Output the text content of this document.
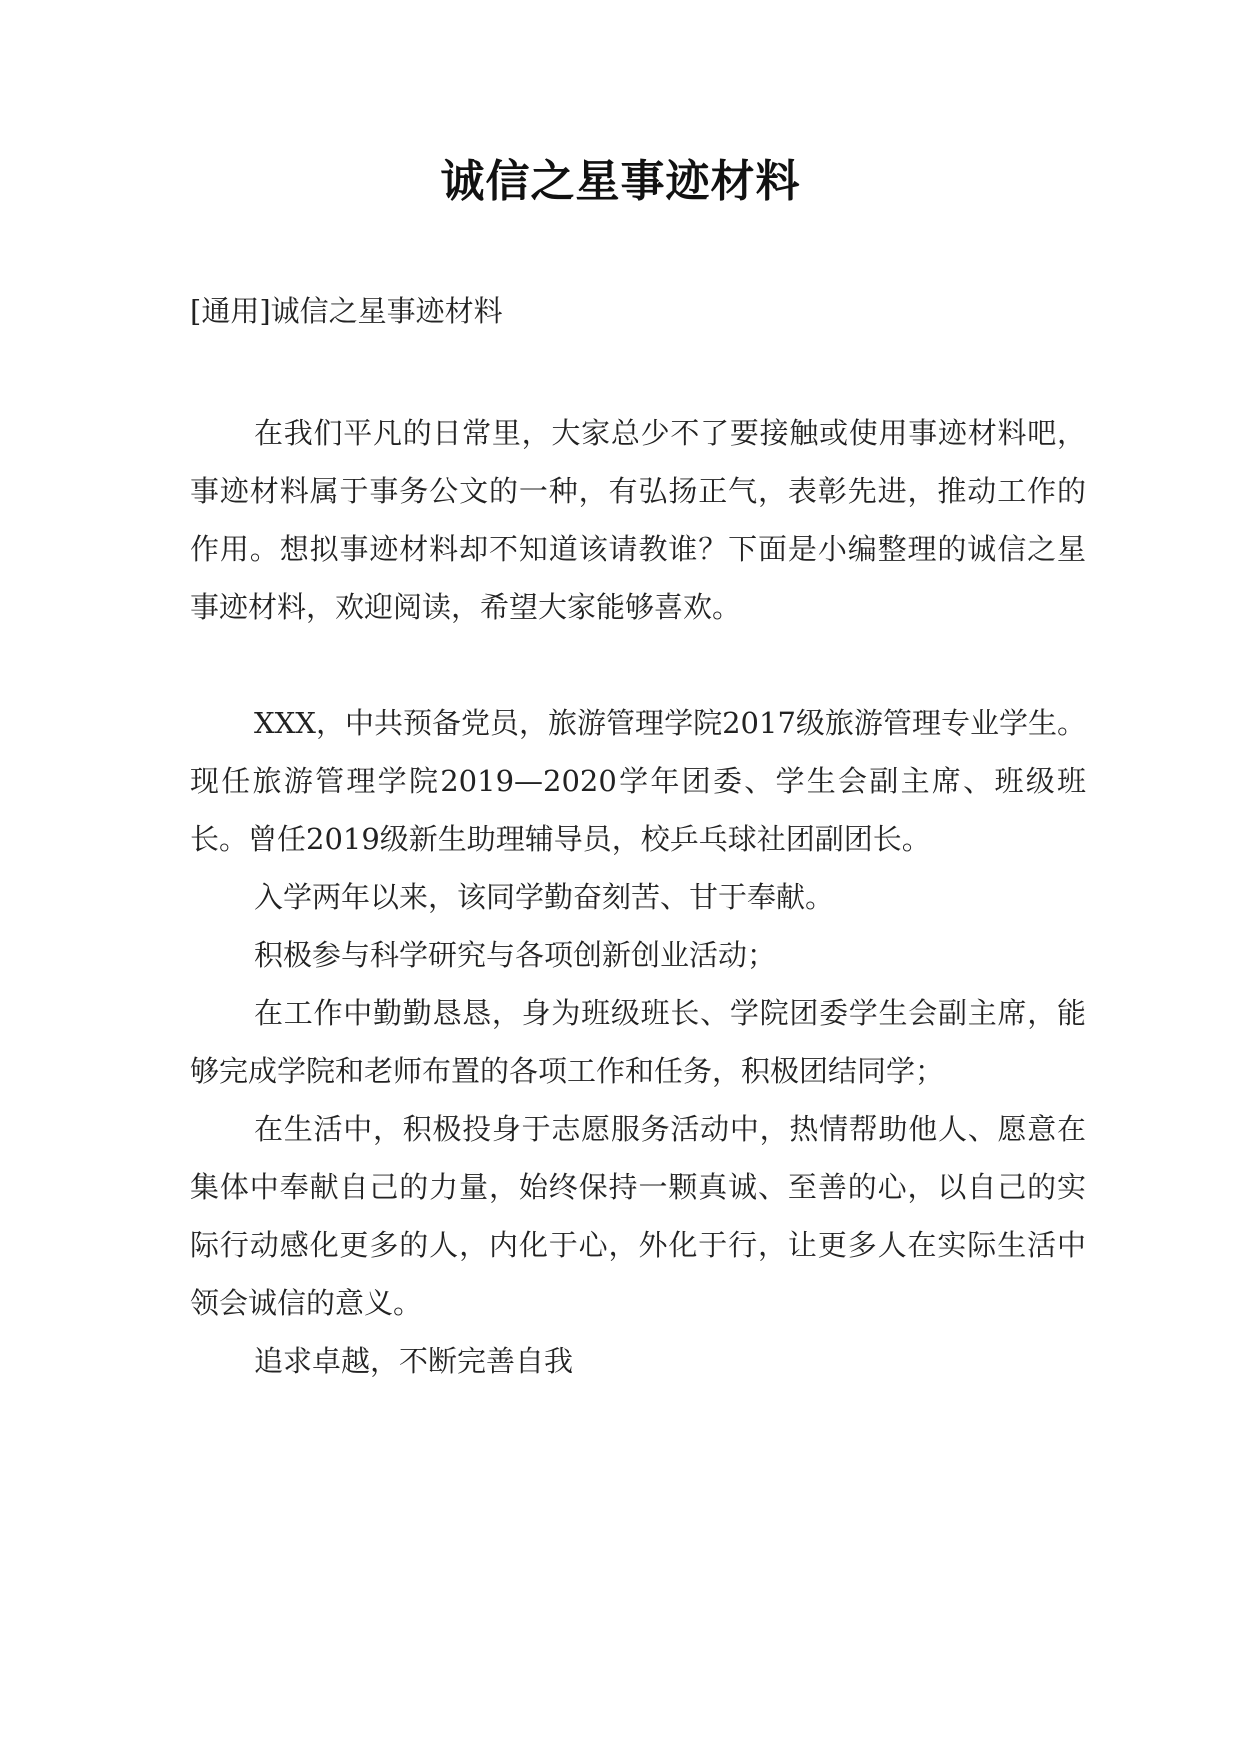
诚信之星事迹材料
[通用]诚信之星事迹材料

在我们平凡的日常里，大家总少不了要接触或使用事迹材料吧，事迹材料属于事务公文的一种，有弘扬正气，表彰先进，推动工作的作用。想拟事迹材料却不知道该请教谁？下面是小编整理的诚信之星事迹材料，欢迎阅读，希望大家能够喜欢。

XXX，中共预备党员，旅游管理学院2017级旅游管理专业学生。现任旅游管理学院2019—2020学年团委、学生会副主席、班级班长。曾任2019级新生助理辅导员，校乒乓球社团副团长。

入学两年以来，该同学勤奋刻苦、甘于奉献。

积极参与科学研究与各项创新创业活动；

在工作中勤勤恳恳，身为班级班长、学院团委学生会副主席，能够完成学院和老师布置的各项工作和任务，积极团结同学；

在生活中，积极投身于志愿服务活动中，热情帮助他人、愿意在集体中奉献自己的力量，始终保持一颗真诚、至善的心，以自己的实际行动感化更多的人，内化于心，外化于行，让更多人在实际生活中领会诚信的意义。

追求卓越，不断完善自我
